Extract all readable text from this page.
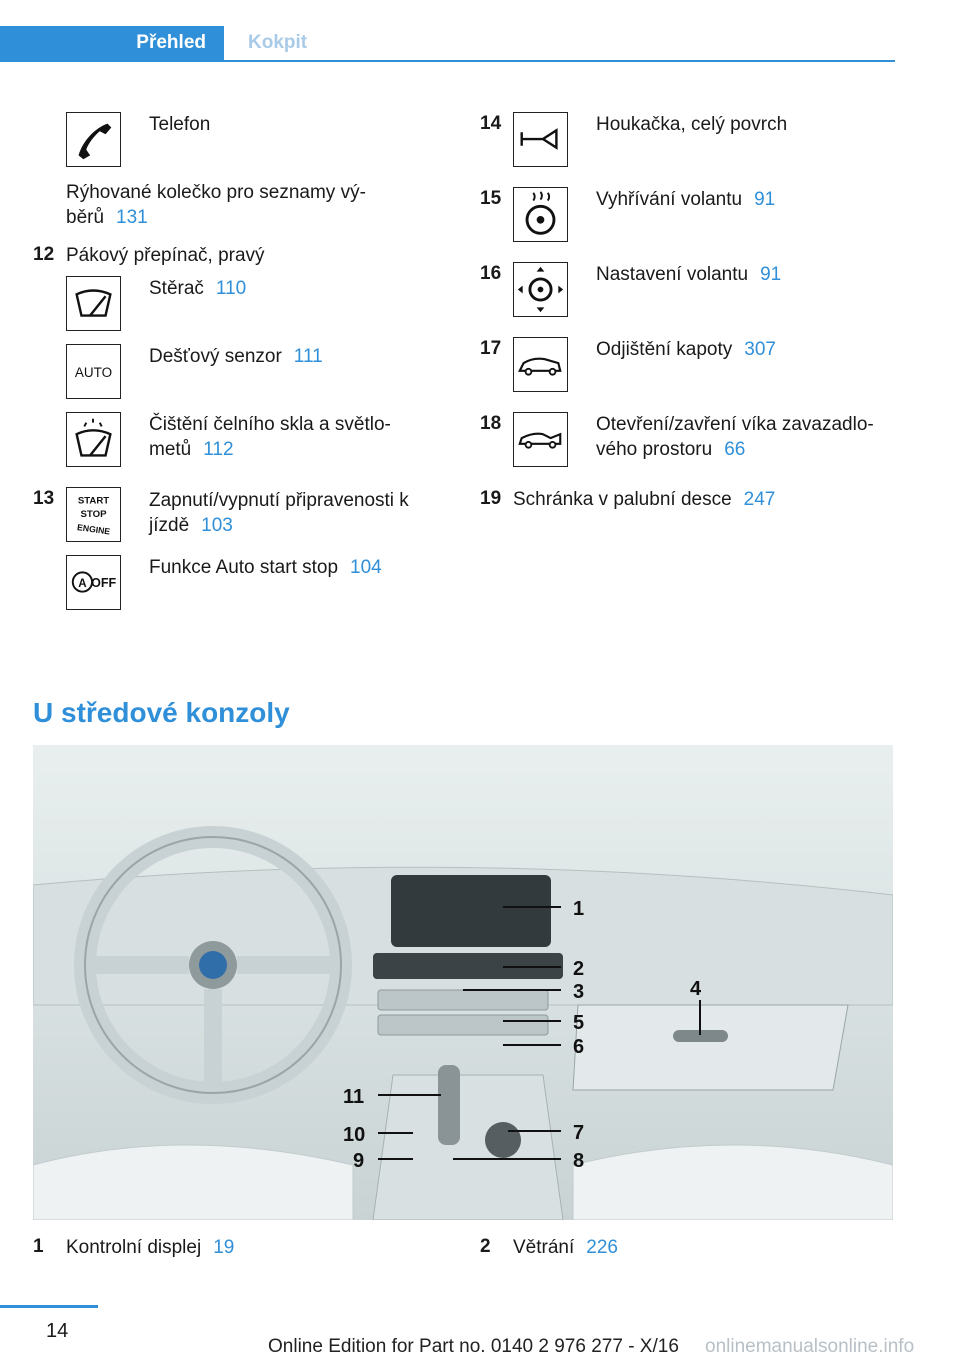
Přehled	Kokpit
Telefon
Rýhované kolečko pro seznamy vý-
běrů 131
12 Pákový přepínač, pravý
Stěrač 110
AUTO
Dešťový senzor 111
Čištění čelního skla a světlo-
metů 112
13 START
STOP
ENGINE
Zapnutí/vypnutí připravenosti k
jízdě 103
A OFF
Funkce Auto start stop 104
14	Houkačka, celý povrch
15	Vyhřívání volantu 91
16	Nastavení volantu 91
17	Odjištění kapoty 307
18	Otevření/zavření víka zavazadlo-
vého prostoru 66
19 Schránka v palubní desce 247
U středové konzoly
1
2
3	4
5
6
7
8
9
10
11
1 Kontrolní displej 19	2 Větrání 226
14
Online Edition for Part no. 0140 2 976 277 - X/16 onlinemanualsonline.info
